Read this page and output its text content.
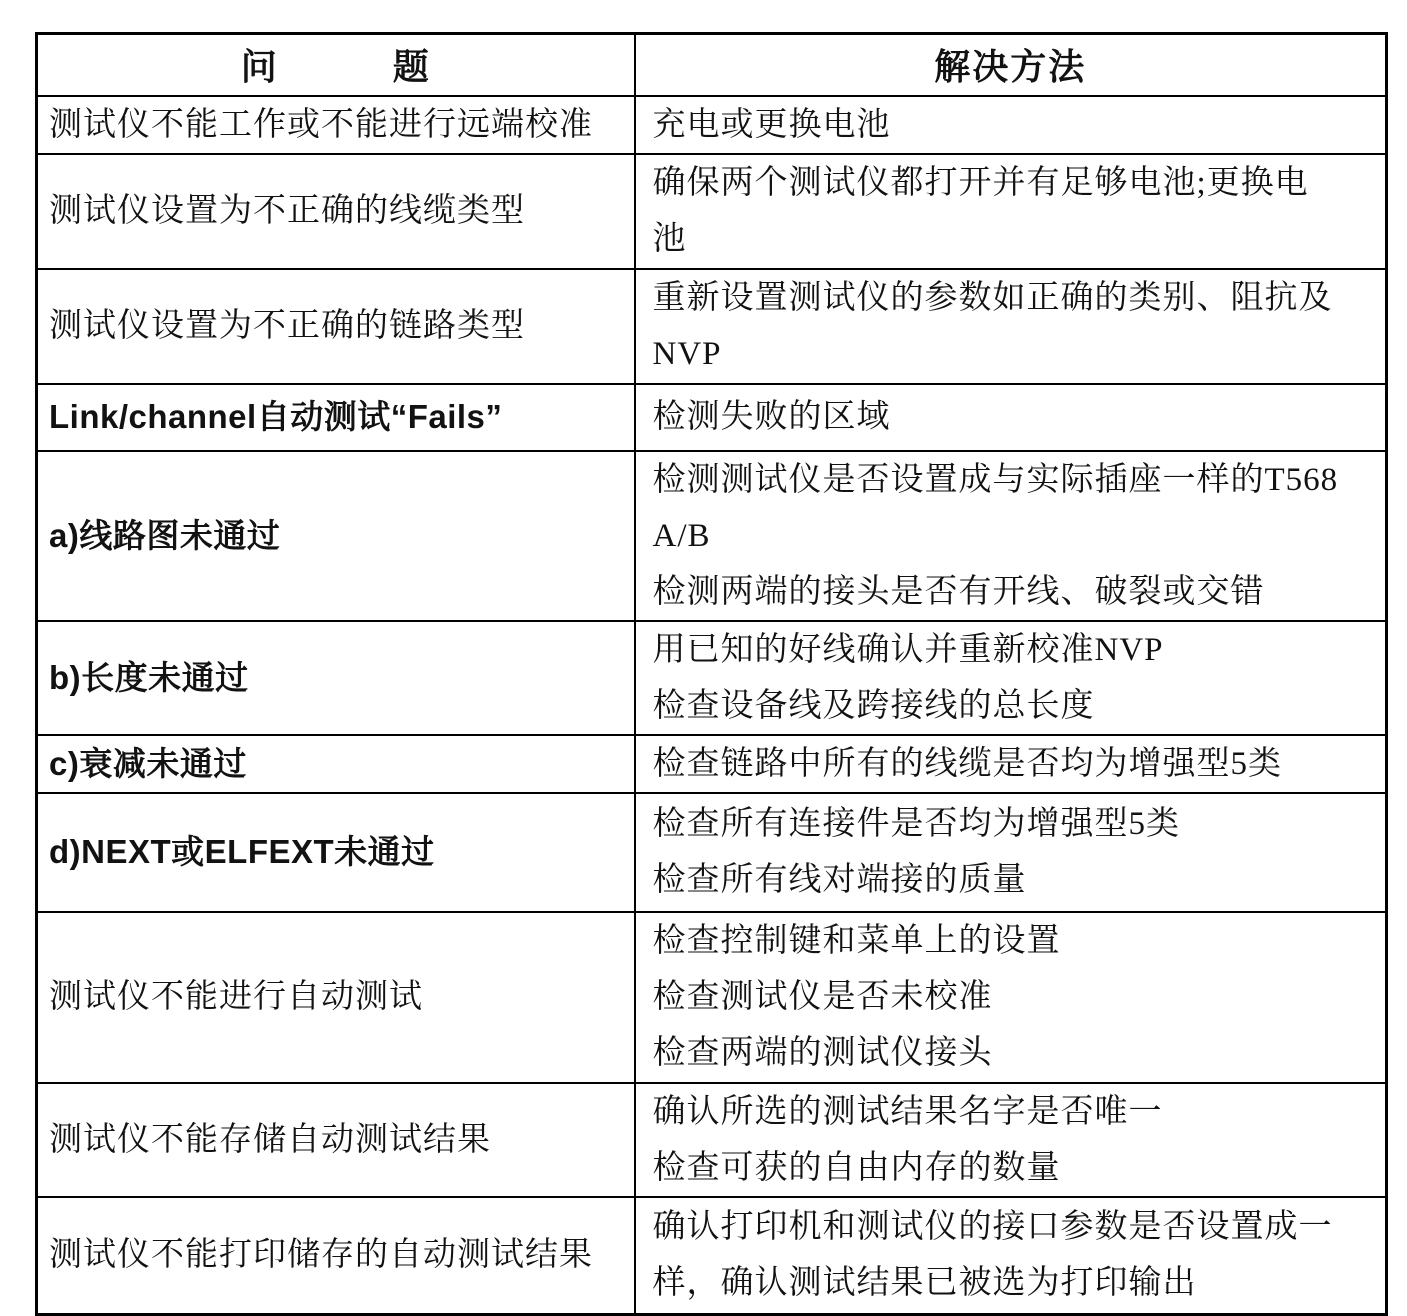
问　　　题	解决方法

测试仪不能工作或不能进行远端校准	充电或更换电池

测试仪设置为不正确的线缆类型	确保两个测试仪都打开并有足够电池;更换电
池

测试仪设置为不正确的链路类型	重新设置测试仪的参数如正确的类别、阻抗及
NVP

Link/channel自动测试“Fails”	检测失败的区域

a)线路图未通过	检测测试仪是否设置成与实际插座一样的T568
A/B
检测两端的接头是否有开线、破裂或交错

b)长度未通过	用已知的好线确认并重新校准NVP
检查设备线及跨接线的总长度

c)衰减未通过	检查链路中所有的线缆是否均为增强型5类

d)NEXT或ELFEXT未通过	检查所有连接件是否均为增强型5类
检查所有线对端接的质量

测试仪不能进行自动测试	检查控制键和菜单上的设置
检查测试仪是否未校准
检查两端的测试仪接头

测试仪不能存储自动测试结果	确认所选的测试结果名字是否唯一
检查可获的自由内存的数量

测试仪不能打印储存的自动测试结果	确认打印机和测试仪的接口参数是否设置成一
样，确认测试结果已被选为打印输出
